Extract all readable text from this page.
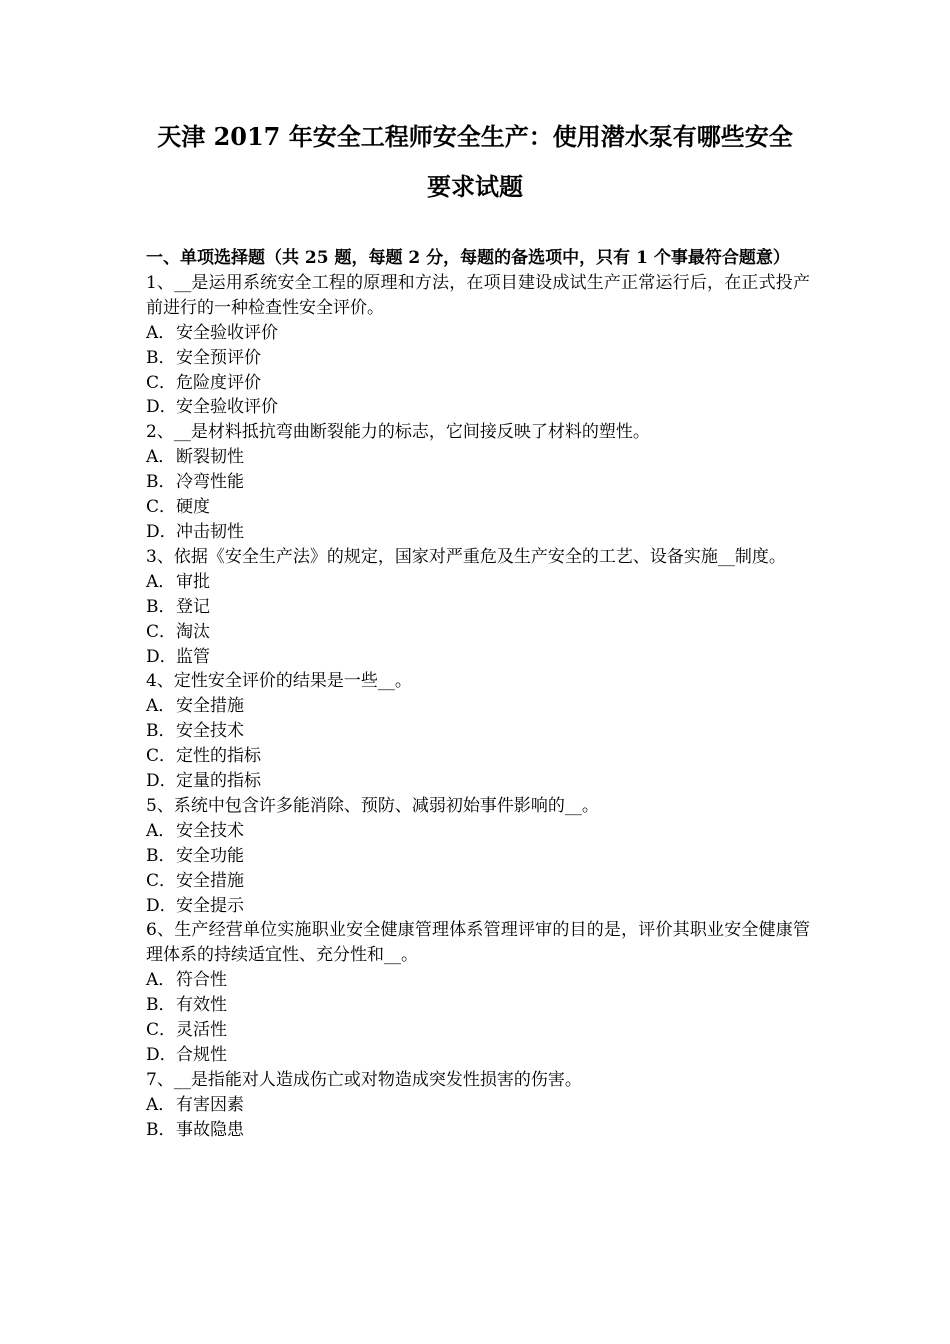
天津 2017 年安全工程师安全生产：使用潜水泵有哪些安全
要求试题

一、单项选择题（共 25 题，每题 2 分，每题的备选项中，只有 1 个事最符合题意）

1、__是运用系统安全工程的原理和方法，在项目建设成试生产正常运行后，在正式投产前进行的一种检查性安全评价。

A．安全验收评价

B．安全预评价

C．危险度评价

D．安全验收评价

2、__是材料抵抗弯曲断裂能力的标志，它间接反映了材料的塑性。

A．断裂韧性

B．冷弯性能

C．硬度

D．冲击韧性

3、依据《安全生产法》的规定，国家对严重危及生产安全的工艺、设备实施__制度。

A．审批

B．登记

C．淘汰

D．监管

4、定性安全评价的结果是一些__。

A．安全措施

B．安全技术

C．定性的指标

D．定量的指标

5、系统中包含许多能消除、预防、减弱初始事件影响的__。

A．安全技术

B．安全功能

C．安全措施

D．安全提示

6、生产经营单位实施职业安全健康管理体系管理评审的目的是，评价其职业安全健康管理体系的持续适宜性、充分性和__。

A．符合性

B．有效性

C．灵活性

D．合规性

7、__是指能对人造成伤亡或对物造成突发性损害的伤害。

A．有害因素

B．事故隐患
